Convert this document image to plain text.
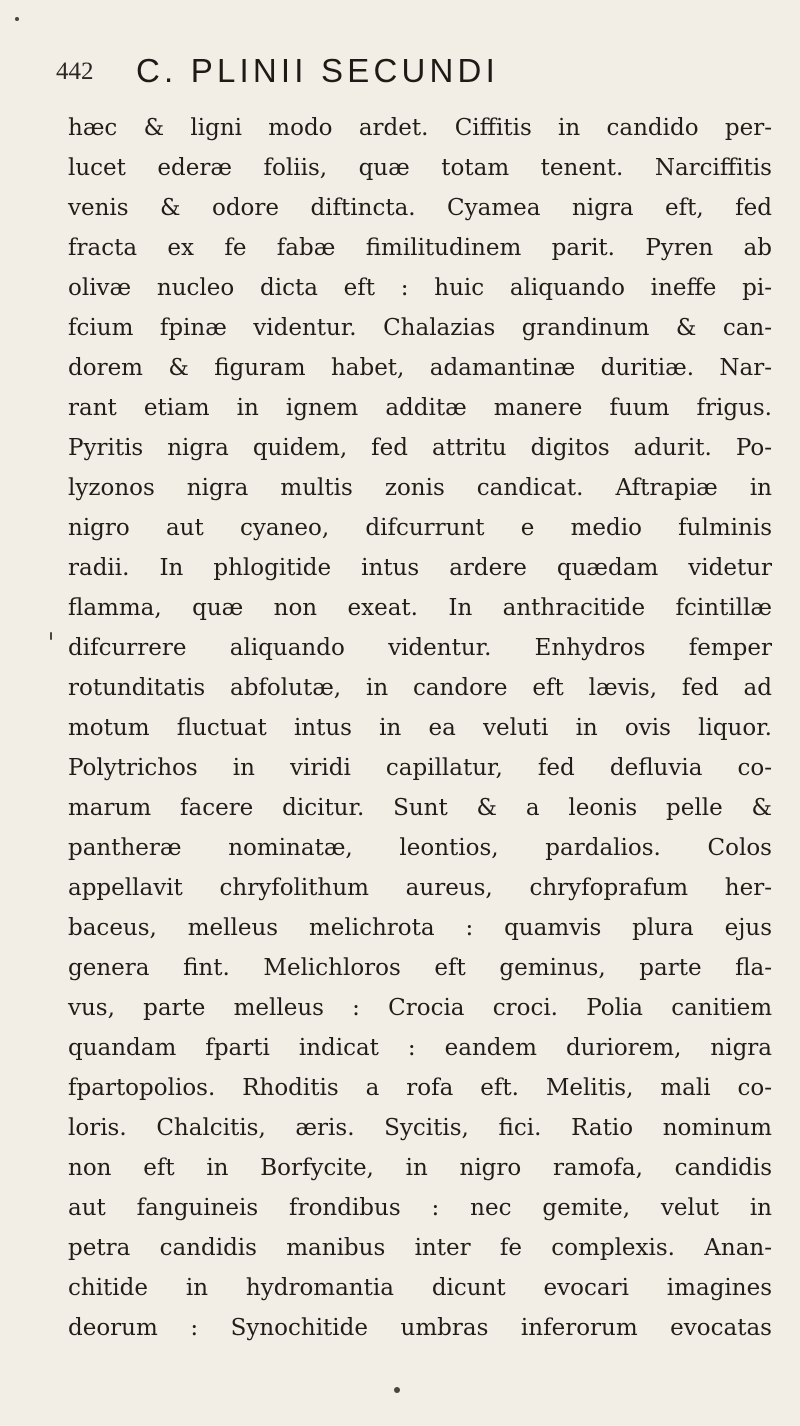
442 C. PLINII SECUNDI
hæc & ligni modo ardet. Ciffitis in candido per-
lucet ederæ foliis, quæ totam tenent. Narciffitis
venis & odore diftincta. Cyamea nigra eft, fed
fracta ex fe fabæ fimilitudinem parit. Pyren ab
olivæ nucleo dicta eft : huic aliquando ineffe pi-
fcium fpinæ videntur. Chalazias grandinum & can-
dorem & figuram habet, adamantinæ duritiæ. Nar-
rant etiam in ignem additæ manere fuum frigus.
Pyritis nigra quidem, fed attritu digitos adurit. Po-
lyzonos nigra multis zonis candicat. Aftrapiæ in
nigro aut cyaneo, difcurrunt e medio fulminis
radii. In phlogitide intus ardere quædam videtur
flamma, quæ non exeat. In anthracitide fcintillæ
difcurrere aliquando videntur. Enhydros femper
rotunditatis abfolutæ, in candore eft lævis, fed ad
motum fluctuat intus in ea veluti in ovis liquor.
Polytrichos in viridi capillatur, fed defluvia co-
marum facere dicitur. Sunt & a leonis pelle &
pantheræ nominatæ, leontios, pardalios. Colos
appellavit chryfolithum aureus, chryfoprafum her-
baceus, melleus melichrota : quamvis plura ejus
genera fint. Melichloros eft geminus, parte fla-
vus, parte melleus : Crocia croci. Polia canitiem
quandam fparti indicat : eandem duriorem, nigra
fpartopolios. Rhoditis a rofa eft. Melitis, mali co-
loris. Chalcitis, æris. Sycitis, fici. Ratio nominum
non eft in Borfycite, in nigro ramofa, candidis
aut fanguineis frondibus : nec gemite, velut in
petra candidis manibus inter fe complexis. Anan-
chitide in hydromantia dicunt evocari imagines
deorum : Synochitide umbras inferorum evocatas
